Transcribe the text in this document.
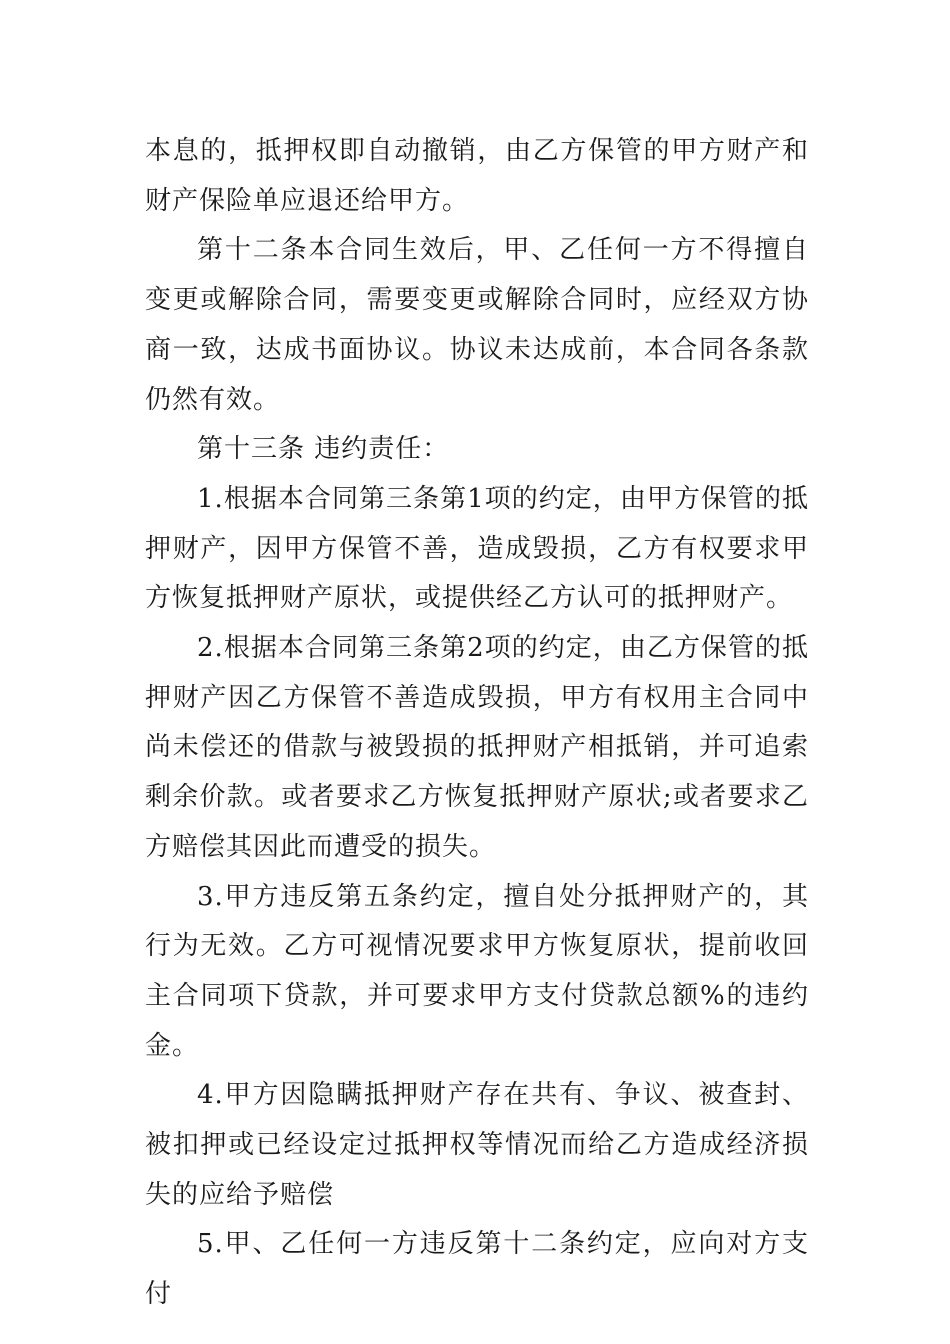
本息的，抵押权即自动撤销，由乙方保管的甲方财产和财产保险单应退还给甲方。

第十二条本合同生效后，甲、乙任何一方不得擅自变更或解除合同，需要变更或解除合同时，应经双方协商一致，达成书面协议。协议未达成前，本合同各条款仍然有效。

第十三条 违约责任：

1.根据本合同第三条第1项的约定，由甲方保管的抵押财产，因甲方保管不善，造成毁损，乙方有权要求甲方恢复抵押财产原状，或提供经乙方认可的抵押财产。

2.根据本合同第三条第2项的约定，由乙方保管的抵押财产因乙方保管不善造成毁损，甲方有权用主合同中尚未偿还的借款与被毁损的抵押财产相抵销，并可追索剩余价款。或者要求乙方恢复抵押财产原状;或者要求乙方赔偿其因此而遭受的损失。

3.甲方违反第五条约定，擅自处分抵押财产的，其行为无效。乙方可视情况要求甲方恢复原状，提前收回主合同项下贷款，并可要求甲方支付贷款总额%的违约金。

4.甲方因隐瞒抵押财产存在共有、争议、被查封、被扣押或已经设定过抵押权等情况而给乙方造成经济损失的应给予赔偿

5.甲、乙任何一方违反第十二条约定，应向对方支付
